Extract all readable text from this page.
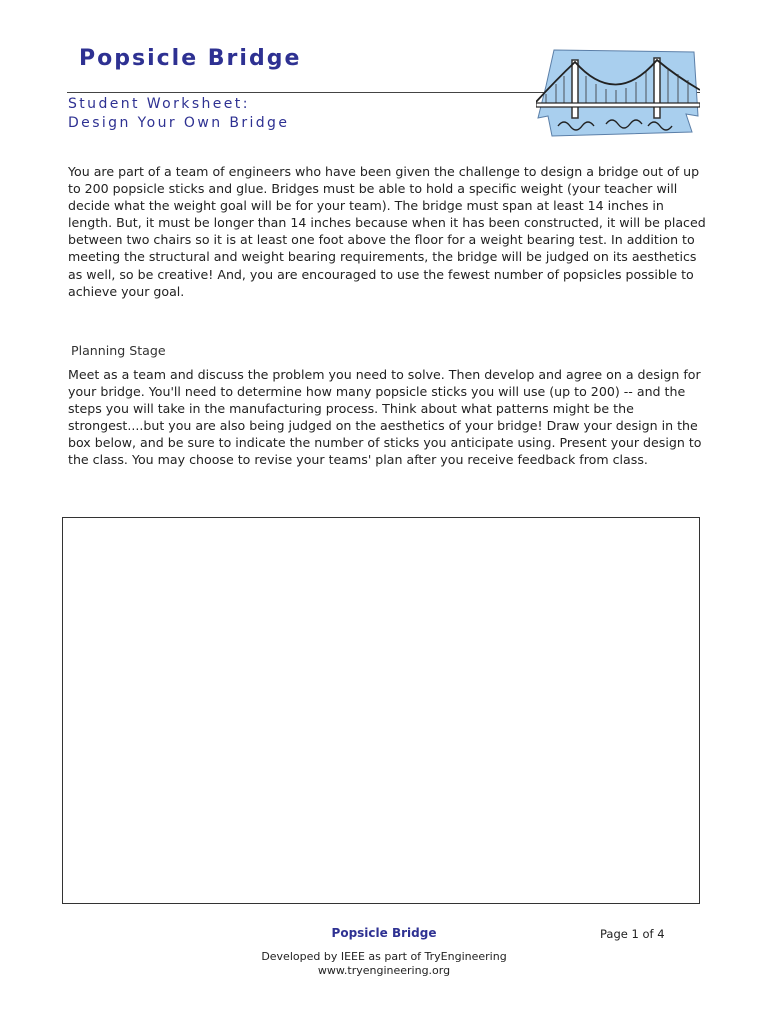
Popsicle Bridge
Student Worksheet:
Design Your Own Bridge

You are part of a team of engineers who have been given the challenge to design a bridge out of up to 200 popsicle sticks and glue. Bridges must be able to hold a specific weight (your teacher will decide what the weight goal will be for your team). The bridge must span at least 14 inches in length. But, it must be longer than 14 inches because when it has been constructed, it will be placed between two chairs so it is at least one foot above the floor for a weight bearing test. In addition to meeting the structural and weight bearing requirements, the bridge will be judged on its aesthetics as well, so be creative! And, you are encouraged to use the fewest number of popsicles possible to achieve your goal.

Planning Stage

Meet as a team and discuss the problem you need to solve. Then develop and agree on a design for your bridge. You'll need to determine how many popsicle sticks you will use (up to 200) -- and the steps you will take in the manufacturing process. Think about what patterns might be the strongest....but you are also being judged on the aesthetics of your bridge! Draw your design in the box below, and be sure to indicate the number of sticks you anticipate using. Present your design to the class. You may choose to revise your teams' plan after you receive feedback from class.

Popsicle Bridge	Page 1 of 4
Developed by IEEE as part of TryEngineering
www.tryengineering.org
